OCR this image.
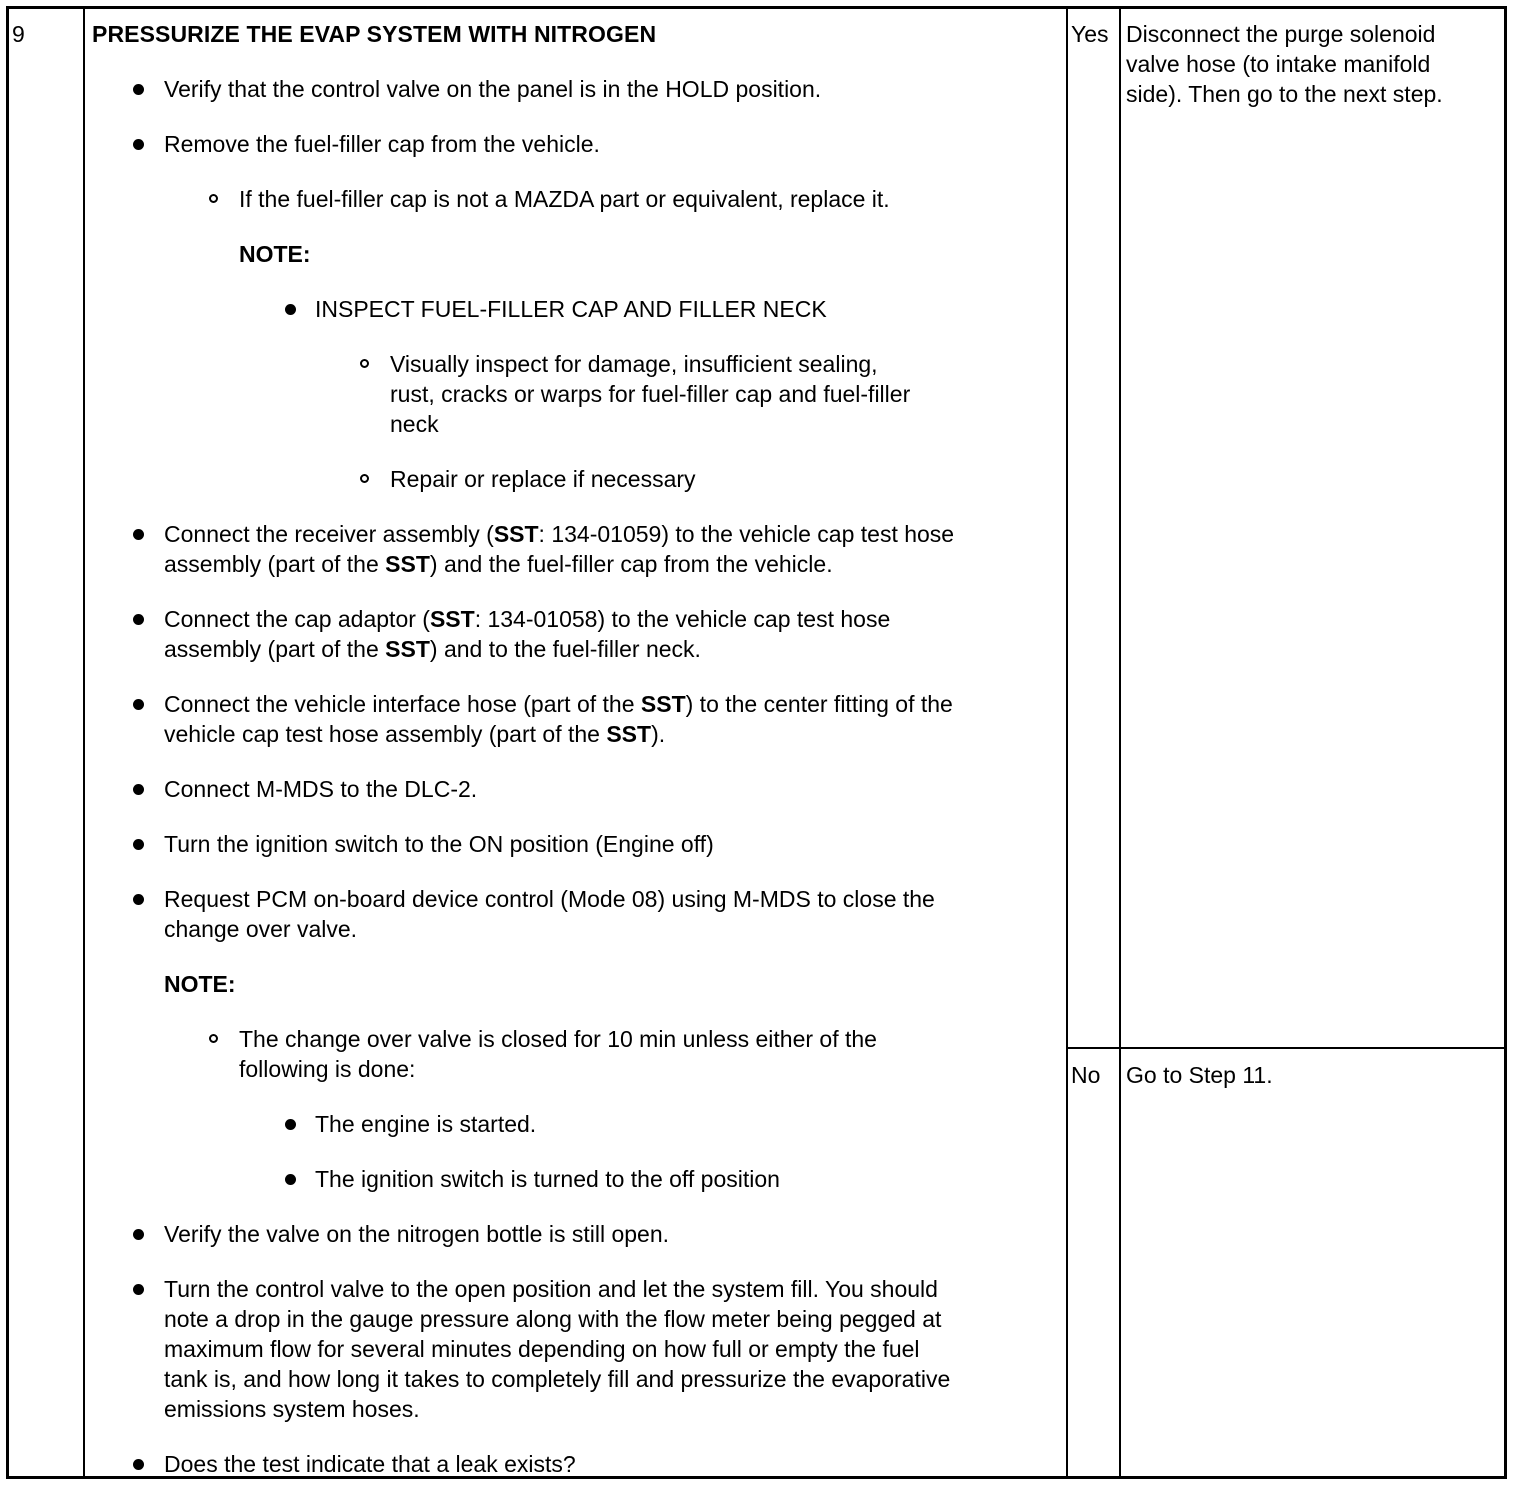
9	PRESSURIZE THE EVAP SYSTEM WITH NITROGEN	Yes Disconnect the purge solenoid
valve hose (to intake manifold
side). Then go to the next step.
No Go to Step 11.
Verify that the control valve on the panel is in the HOLD position.
Remove the fuel-filler cap from the vehicle.
If the fuel-filler cap is not a MAZDA part or equivalent, replace it.
NOTE:
INSPECT FUEL-FILLER CAP AND FILLER NECK
Visually inspect for damage, insufficient sealing,
rust, cracks or warps for fuel-filler cap and fuel-filler
neck
Repair or replace if necessary
Connect the receiver assembly (SST: 134-01059) to the vehicle cap test hose
assembly (part of the SST) and the fuel-filler cap from the vehicle.
Connect the cap adaptor (SST: 134-01058) to the vehicle cap test hose
assembly (part of the SST) and to the fuel-filler neck.
Connect the vehicle interface hose (part of the SST) to the center fitting of the
vehicle cap test hose assembly (part of the SST).
Connect M-MDS to the DLC-2.
Turn the ignition switch to the ON position (Engine off)
Request PCM on-board device control (Mode 08) using M-MDS to close the
change over valve.
NOTE:
The change over valve is closed for 10 min unless either of the
following is done:
The engine is started.
The ignition switch is turned to the off position
Verify the valve on the nitrogen bottle is still open.
Turn the control valve to the open position and let the system fill. You should
note a drop in the gauge pressure along with the flow meter being pegged at
maximum flow for several minutes depending on how full or empty the fuel
tank is, and how long it takes to completely fill and pressurize the evaporative
emissions system hoses.
Does the test indicate that a leak exists?
